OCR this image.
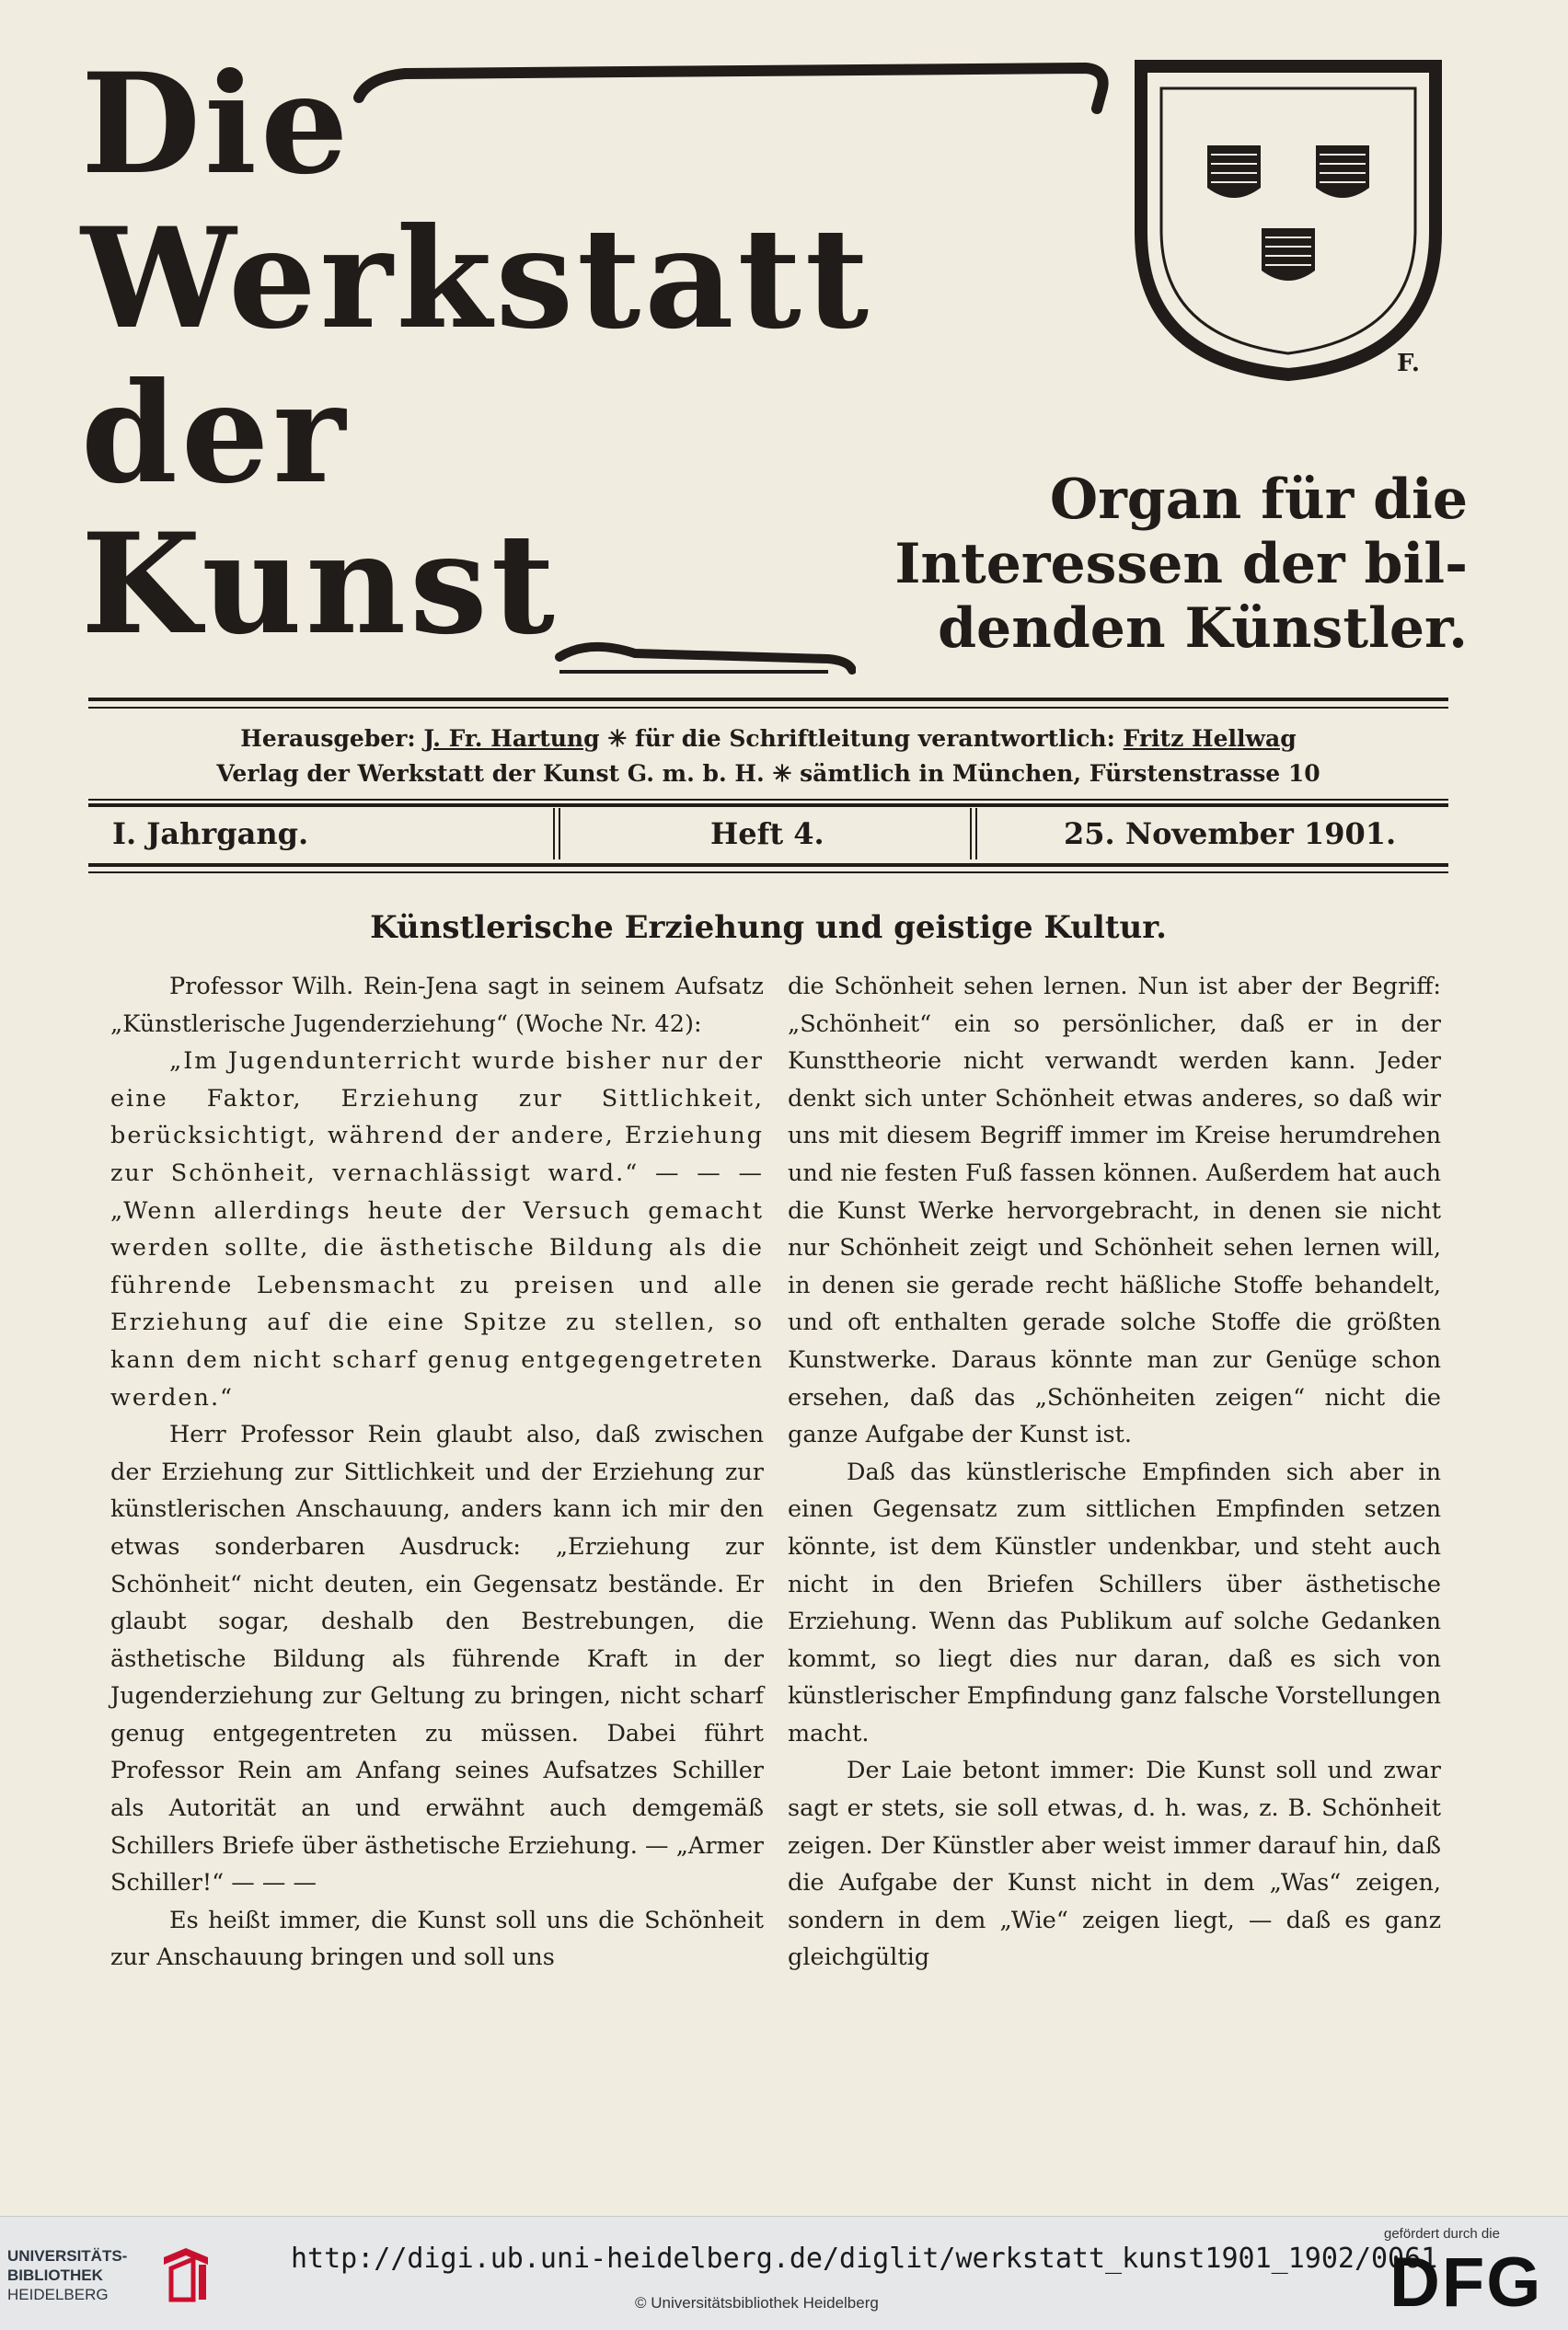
Die
Werkstatt
der
Kunst
F.
Organ für die
Interessen der bil-
denden Künstler.
Herausgeber: J. Fr. Hartung ✳ für die Schriftleitung verantwortlich: Fritz Hellwag
Verlag der Werkstatt der Kunst G. m. b. H. ✳ sämtlich in München, Fürstenstrasse 10
I. Jahrgang.	Heft 4.	25. November 1901.
Künstlerische Erziehung und geistige Kultur.

Professor Wilh. Rein-Jena sagt in seinem Aufsatz „Künstlerische Jugenderziehung“ (Woche Nr. 42):

„Im Jugendunterricht wurde bisher nur der eine Faktor, Erziehung zur Sittlichkeit, berücksichtigt, während der andere, Erziehung zur Schönheit, vernachlässigt ward.“ — — — „Wenn allerdings heute der Versuch gemacht werden sollte, die ästhetische Bildung als die führende Lebensmacht zu preisen und alle Erziehung auf die eine Spitze zu stellen, so kann dem nicht scharf genug entgegengetreten werden.“

Herr Professor Rein glaubt also, daß zwischen der Erziehung zur Sittlichkeit und der Erziehung zur künstlerischen Anschauung, anders kann ich mir den etwas sonderbaren Ausdruck: „Erziehung zur Schönheit“ nicht deuten, ein Gegensatz bestände. Er glaubt sogar, deshalb den Bestrebungen, die ästhetische Bildung als führende Kraft in der Jugenderziehung zur Geltung zu bringen, nicht scharf genug entgegentreten zu müssen. Dabei führt Professor Rein am Anfang seines Aufsatzes Schiller als Autorität an und erwähnt auch demgemäß Schillers Briefe über ästhetische Erziehung. — „Armer Schiller!“ — — —

Es heißt immer, die Kunst soll uns die Schönheit zur Anschauung bringen und soll uns

die Schönheit sehen lernen. Nun ist aber der Begriff: „Schönheit“ ein so persönlicher, daß er in der Kunsttheorie nicht verwandt werden kann. Jeder denkt sich unter Schönheit etwas anderes, so daß wir uns mit diesem Begriff immer im Kreise herumdrehen und nie festen Fuß fassen können. Außerdem hat auch die Kunst Werke hervorgebracht, in denen sie nicht nur Schönheit zeigt und Schönheit sehen lernen will, in denen sie gerade recht häßliche Stoffe behandelt, und oft enthalten gerade solche Stoffe die größten Kunstwerke. Daraus könnte man zur Genüge schon ersehen, daß das „Schönheiten zeigen“ nicht die ganze Aufgabe der Kunst ist.

Daß das künstlerische Empfinden sich aber in einen Gegensatz zum sittlichen Empfinden setzen könnte, ist dem Künstler undenkbar, und steht auch nicht in den Briefen Schillers über ästhetische Erziehung. Wenn das Publikum auf solche Gedanken kommt, so liegt dies nur daran, daß es sich von künstlerischer Empfindung ganz falsche Vorstellungen macht.

Der Laie betont immer: Die Kunst soll und zwar sagt er stets, sie soll etwas, d. h. was, z. B. Schönheit zeigen. Der Künstler aber weist immer darauf hin, daß die Aufgabe der Kunst nicht in dem „Was“ zeigen, sondern in dem „Wie“ zeigen liegt, — daß es ganz gleichgültig

UNIVERSITÄTS-
BIBLIOTHEK
HEIDELBERG
http://digi.ub.uni-heidelberg.de/diglit/werkstatt_kunst1901_1902/0061
© Universitätsbibliothek Heidelberg
gefördert durch die
DFG
